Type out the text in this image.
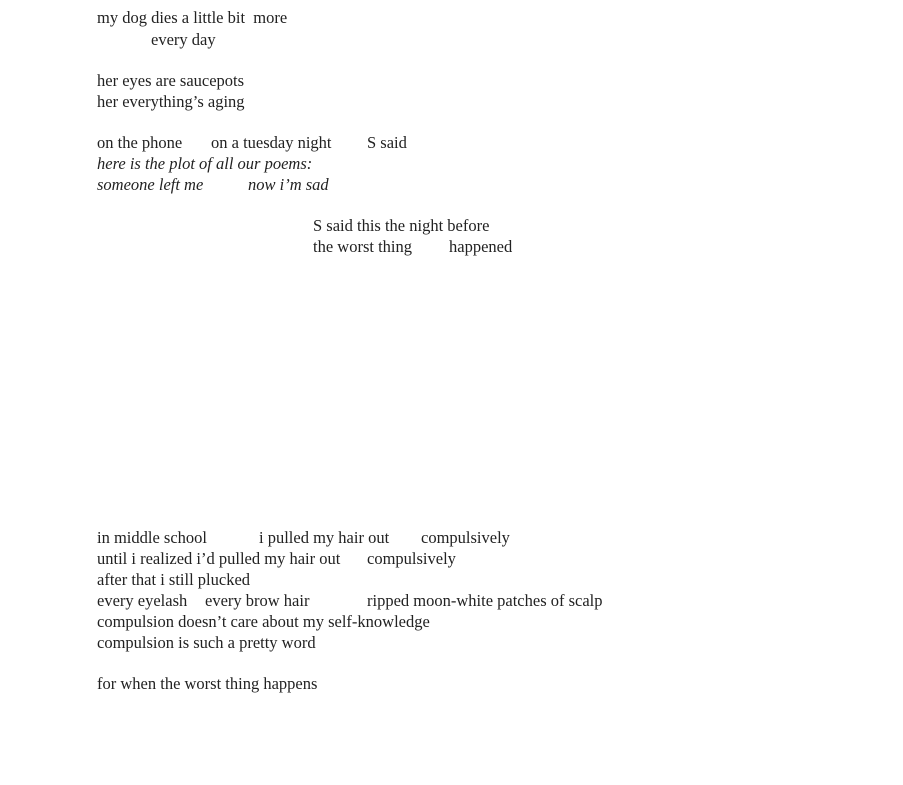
my dog dies a little bit  more

every day

her eyes are saucepots

her everything’s aging

on the phone on a tuesday night S said

here is the plot of all our poems:

someone left me	now i’m sad

S said this the night before

the worst thing happened

in middle school	i pulled my hair out compulsively

until i realized i’d pulled my hair out compulsively

after that i still plucked

every eyelash every brow hair	ripped moon-white patches of scalp

compulsion doesn’t care about my self-knowledge

compulsion is such a pretty word

for when the worst thing happens
